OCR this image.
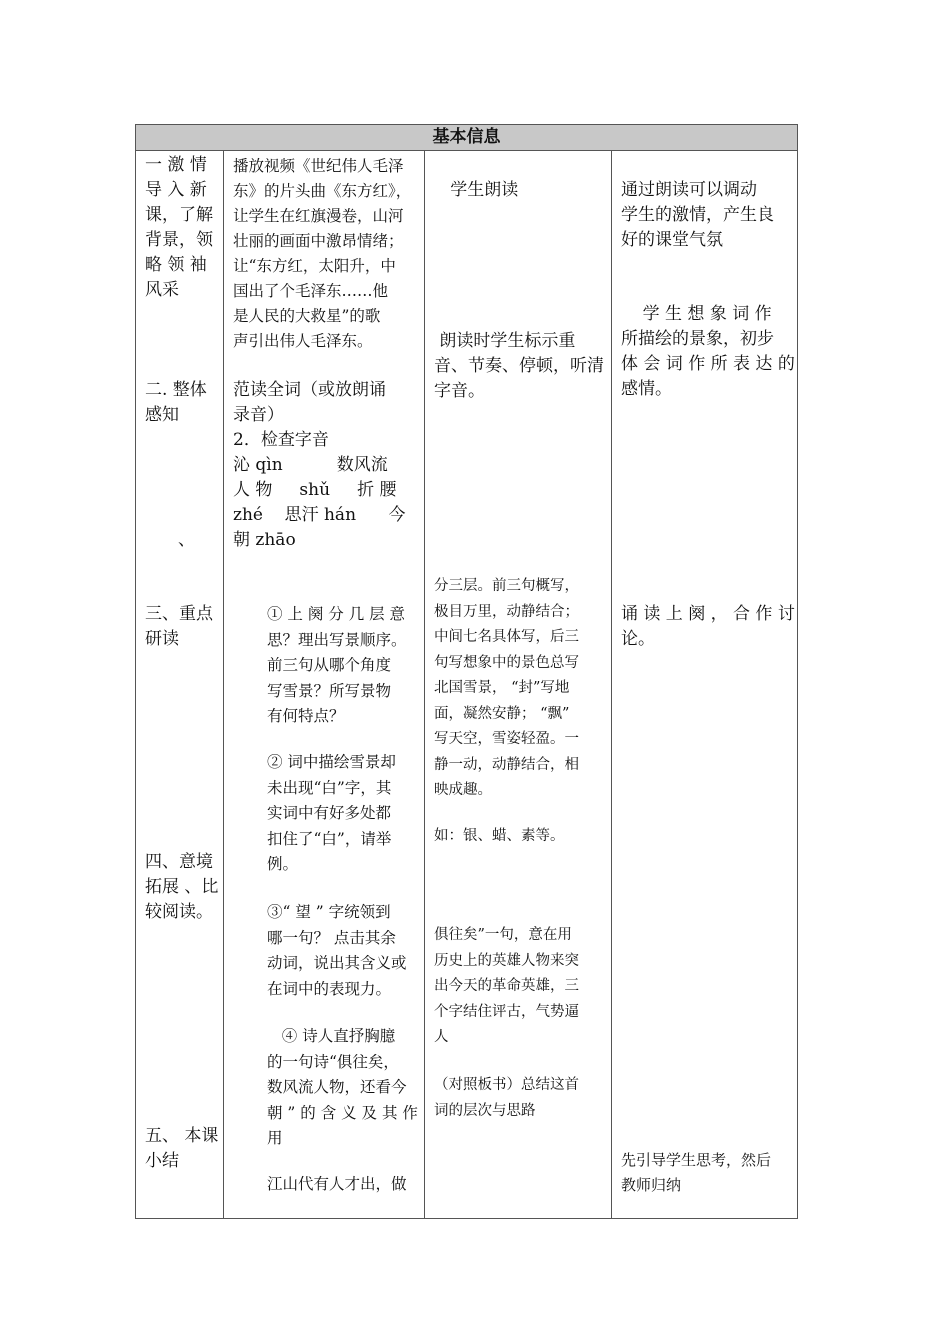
基本信息
一 激 情
导 入 新
课，了解
背景，领
略 领 袖
风采
二. 整体
感知
、
三、重点
研读
四、意境
拓展 、比
较阅读。
五、 本课
小结
播放视频《世纪伟人毛泽
东》的片头曲《东方红》，
让学生在红旗漫卷，山河
壮丽的画面中激昂情绪；
让“东方红，太阳升，中
国出了个毛泽东……他
是人民的大救星”的歌
声引出伟人毛泽东。
范读全词（或放朗诵
录音）
2．检查字音
沁 qìn          数风流
人 物     shǔ     折 腰
zhé    思汗 hán      今
朝 zhāo
① 上 阕 分 几 层 意
思？理出写景顺序。
前三句从哪个角度
写雪景？所写景物
有何特点？
② 词中描绘雪景却
未出现“白”字，其
实词中有好多处都
扣住了“白”，请举
例。
③“ 望 ” 字统领到
哪一句？ 点击其余
动词，说出其含义或
在词中的表现力。
④ 诗人直抒胸臆
的一句诗“俱往矣，
数风流人物，还看今
朝 ” 的 含 义 及 其 作
用
江山代有人才出，做
学生朗读
朗读时学生标示重
音、节奏、停顿，听清
字音。
分三层。前三句概写，
极目万里，动静结合；
中间七名具体写，后三
句写想象中的景色总写
北国雪景， “封”写地
面，凝然安静； “飘”
写天空，雪姿轻盈。一
静一动，动静结合，相
映成趣。
如：银、蜡、素等。
俱往矣”一句，意在用
历史上的英雄人物来突
出今天的革命英雄，三
个字结住评古，气势逼
人
（对照板书）总结这首
词的层次与思路
通过朗读可以调动
学生的激情，产生良
好的课堂气氛
学 生 想 象 词 作
所描绘的景象，初步
体 会 词 作 所 表 达 的
感情。
诵 读 上 阕 ， 合 作 讨
论。
先引导学生思考，然后
教师归纳
